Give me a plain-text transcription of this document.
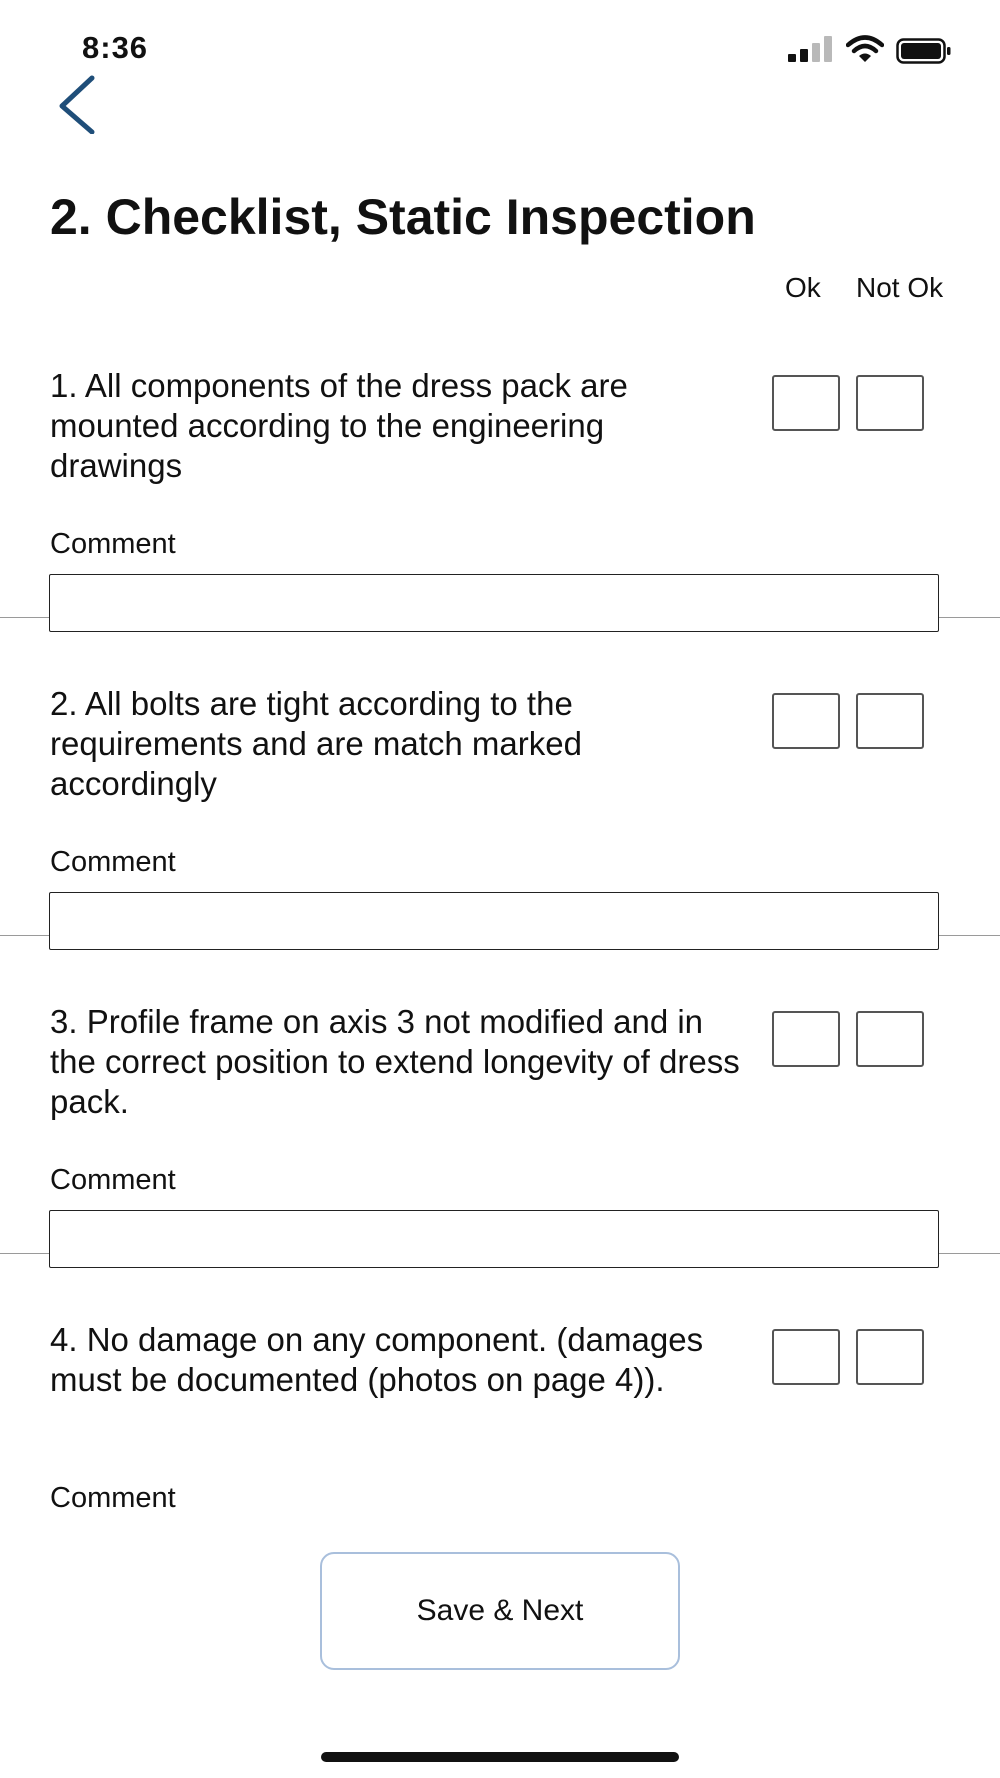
8:36
2. Checklist, Static Inspection
Ok Not Ok
1. All components of the dress pack are mounted according to the engineering drawings
Comment
2. All bolts are tight according to the requirements and are match marked accordingly
Comment
3. Profile frame on axis 3 not modified and in the correct position to extend longevity of dress pack.
Comment
4. No damage on any component. (damages must be documented (photos on page 4)).
Comment
Save & Next
